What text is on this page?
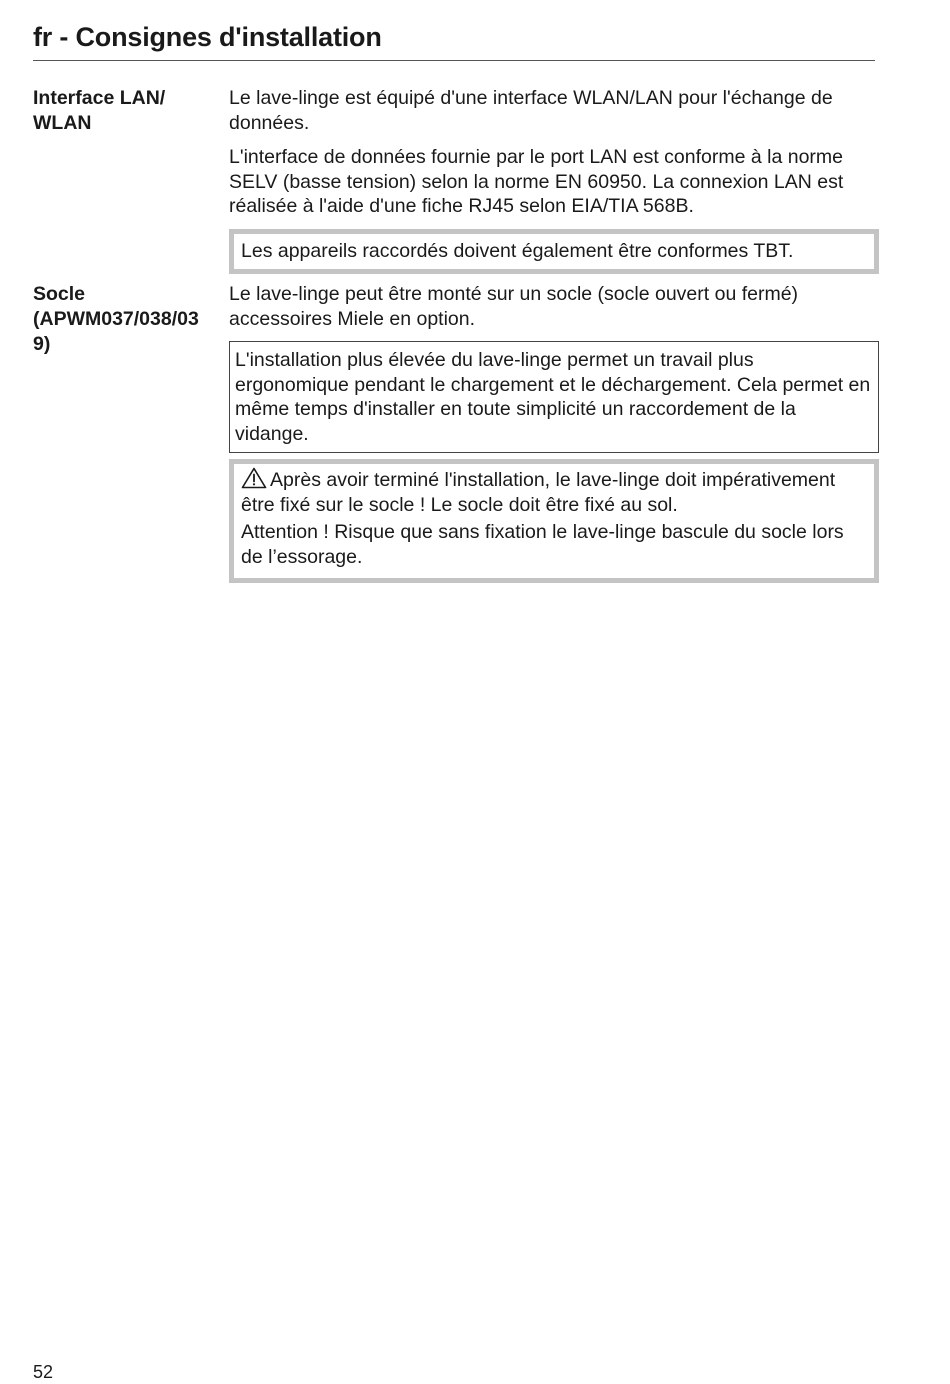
fr - Consignes d'installation
Interface LAN/
WLAN

Le lave-linge est équipé d'une interface WLAN/LAN pour l'échange de données.

L'interface de données fournie par le port LAN est conforme à la norme SELV (basse tension) selon la norme EN 60950. La connexion LAN est réalisée à l'aide d'une fiche RJ45 selon EIA/TIA 568B.

Les appareils raccordés doivent également être conformes TBT.
Socle
(APWM037/038/03
9)

Le lave-linge peut être monté sur un socle (socle ouvert ou fermé) accessoires Miele en option.

L'installation plus élevée du lave-linge permet un travail plus ergonomique pendant le chargement et le déchargement. Cela permet en même temps d'installer en toute simplicité un raccordement de la vidange.

Après avoir terminé l'installation, le lave-linge doit impérativement être fixé sur le socle ! Le socle doit être fixé au sol.

Attention ! Risque que sans fixation le lave-linge bascule du socle lors de l’essorage.

52
